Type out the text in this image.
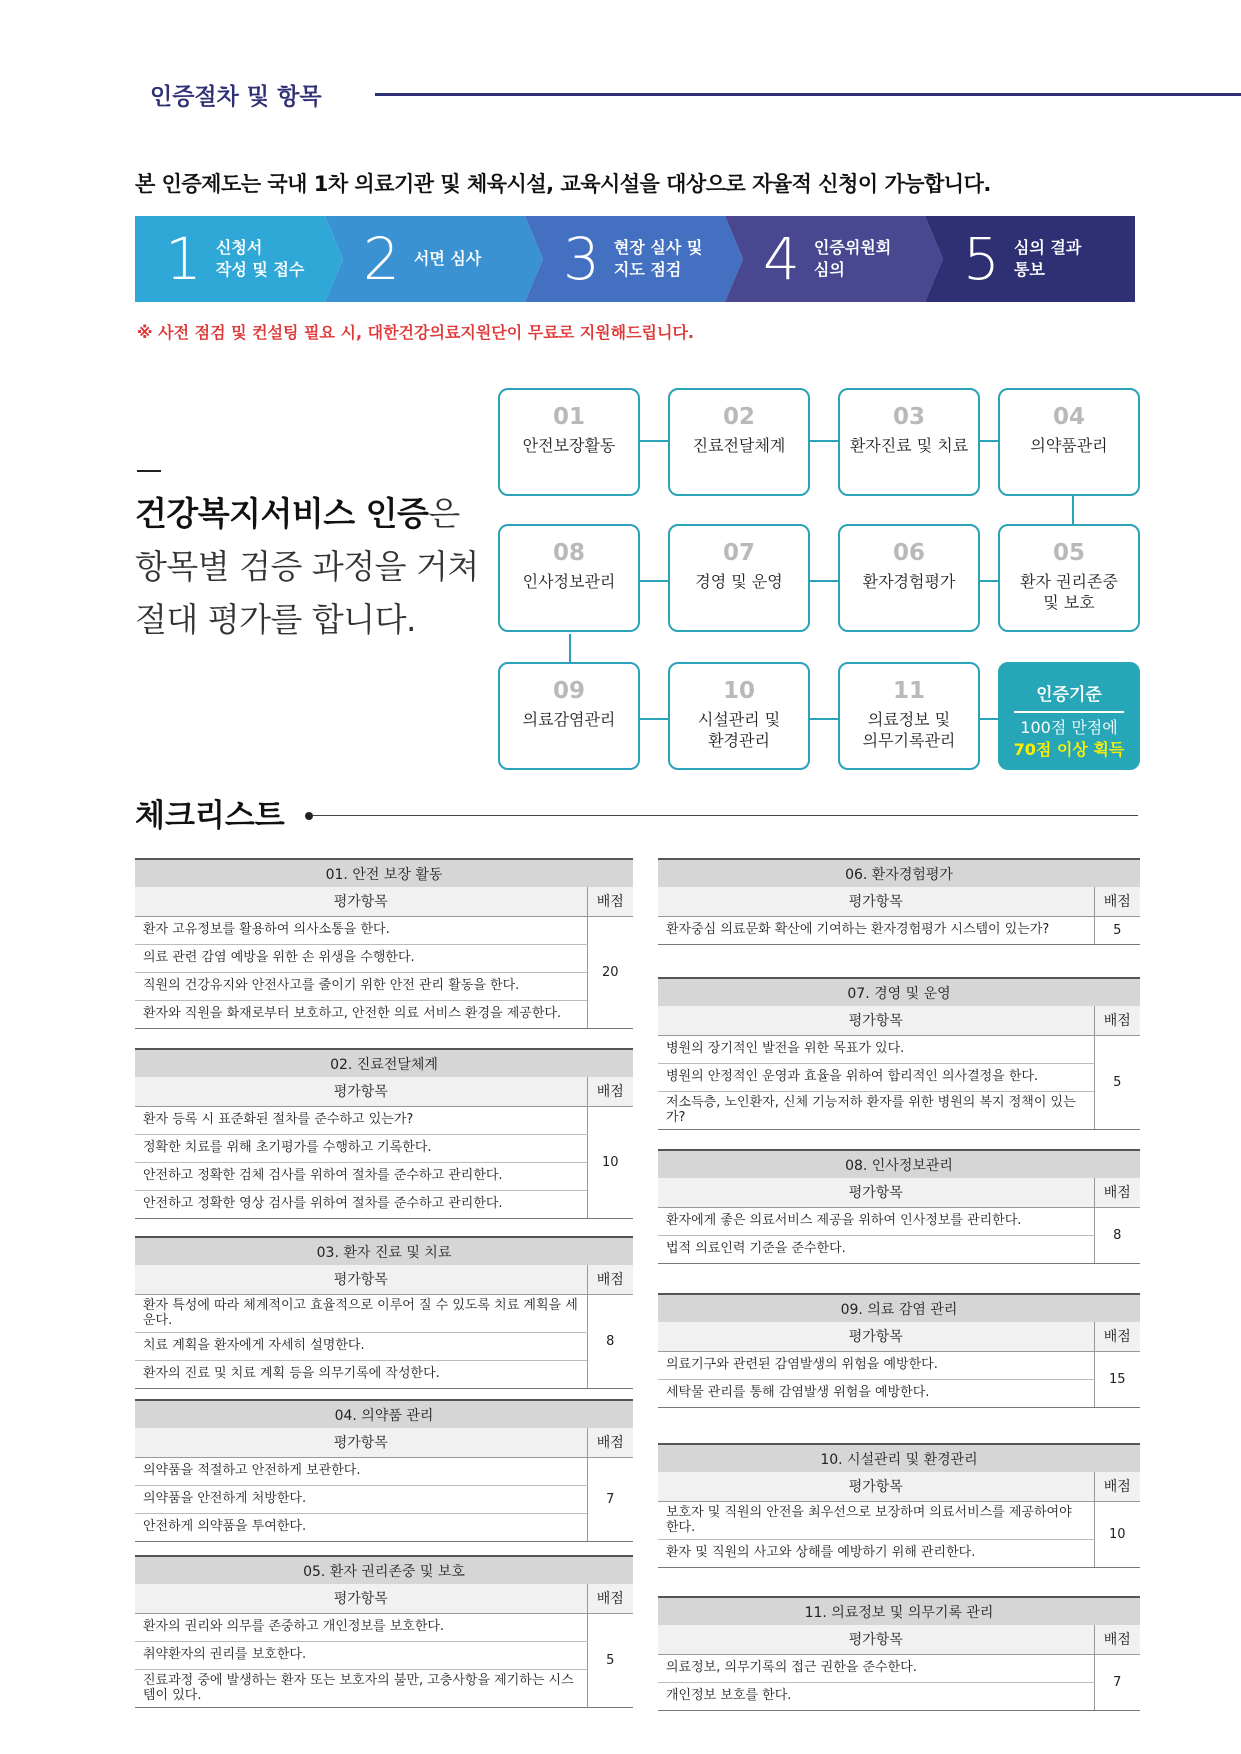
인증절차 및 항목
본 인증제도는 국내 1차 의료기관 및 체육시설, 교육시설을 대상으로 자율적 신청이 가능합니다.
1 신청서
작성 및 접수 2 서면 심사 3 현장 실사 및
지도 점검	4 인증위원회
심의	5 심의 결과
통보
※ 사전 점검 및 컨설팅 필요 시, 대한건강의료지원단이 무료로 지원해드립니다.
건강복지서비스 인증은
항목별 검증 과정을 거쳐
절대 평가를 합니다.
01
안전보장활동
02
진료전달체계
03
환자진료 및 치료
04
의약품관리
08
인사정보관리
07
경영 및 운영
06
환자경험평가
05
환자 권리존중
및 보호
09
의료감염관리
10
시설관리 및
환경관리
11
의료정보 및
의무기록관리
인증기준
100점 만점에
70점 이상 획득
체크리스트
01. 안전 보장 활동	
평가항목	배점
환자 고유정보를 활용하여 의사소통을 한다.	20
의료 관련 감염 예방을 위한 손 위생을 수행한다.	
직원의 건강유지와 안전사고를 줄이기 위한 안전 관리 활동을 한다.	
환자와 직원을 화재로부터 보호하고, 안전한 의료 서비스 환경을 제공한다.	
02. 진료전달체계	
평가항목	배점
환자 등록 시 표준화된 절차를 준수하고 있는가?	10
정확한 치료를 위해 초기평가를 수행하고 기록한다.	
안전하고 정확한 검체 검사를 위하여 절차를 준수하고 관리한다.	
안전하고 정확한 영상 검사를 위하여 절차를 준수하고 관리한다.	
03. 환자 진료 및 치료	
평가항목	배점
환자 특성에 따라 체계적이고 효율적으로 이루어 질 수 있도록 치료 계획을 세운다.	8
치료 계획을 환자에게 자세히 설명한다.	
환자의 진료 및 치료 계획 등을 의무기록에 작성한다.	
04. 의약품 관리	
평가항목	배점
의약품을 적절하고 안전하게 보관한다.	7
의약품을 안전하게 처방한다.	
안전하게 의약품을 투여한다.	
05. 환자 권리존중 및 보호	
평가항목	배점
환자의 권리와 의무를 존중하고 개인정보를 보호한다.	5
취약환자의 권리를 보호한다.	
진료과정 중에 발생하는 환자 또는 보호자의 불만, 고충사항을 제기하는 시스템이 있다.	
06. 환자경험평가	
평가항목	배점
환자중심 의료문화 확산에 기여하는 환자경험평가 시스템이 있는가?	5
07. 경영 및 운영	
평가항목	배점
병원의 장기적인 발전을 위한 목표가 있다.	5
병원의 안정적인 운영과 효율을 위하여 합리적인 의사결정을 한다.	
저소득층, 노인환자, 신체 기능저하 환자를 위한 병원의 복지 정책이 있는가?	
08. 인사정보관리	
평가항목	배점
환자에게 좋은 의료서비스 제공을 위하여 인사정보를 관리한다.	8
법적 의료인력 기준을 준수한다.	
09. 의료 감염 관리	
평가항목	배점
의료기구와 관련된 감염발생의 위험을 예방한다.	15
세탁물 관리를 통해 감염발생 위험을 예방한다.	
10. 시설관리 및 환경관리	
평가항목	배점
보호자 및 직원의 안전을 최우선으로 보장하며 의료서비스를 제공하여야 한다.	10
환자 및 직원의 사고와 상해를 예방하기 위해 관리한다.	
11. 의료정보 및 의무기록 관리	
평가항목	배점
의료정보, 의무기록의 접근 권한을 준수한다.	7
개인정보 보호를 한다.	
